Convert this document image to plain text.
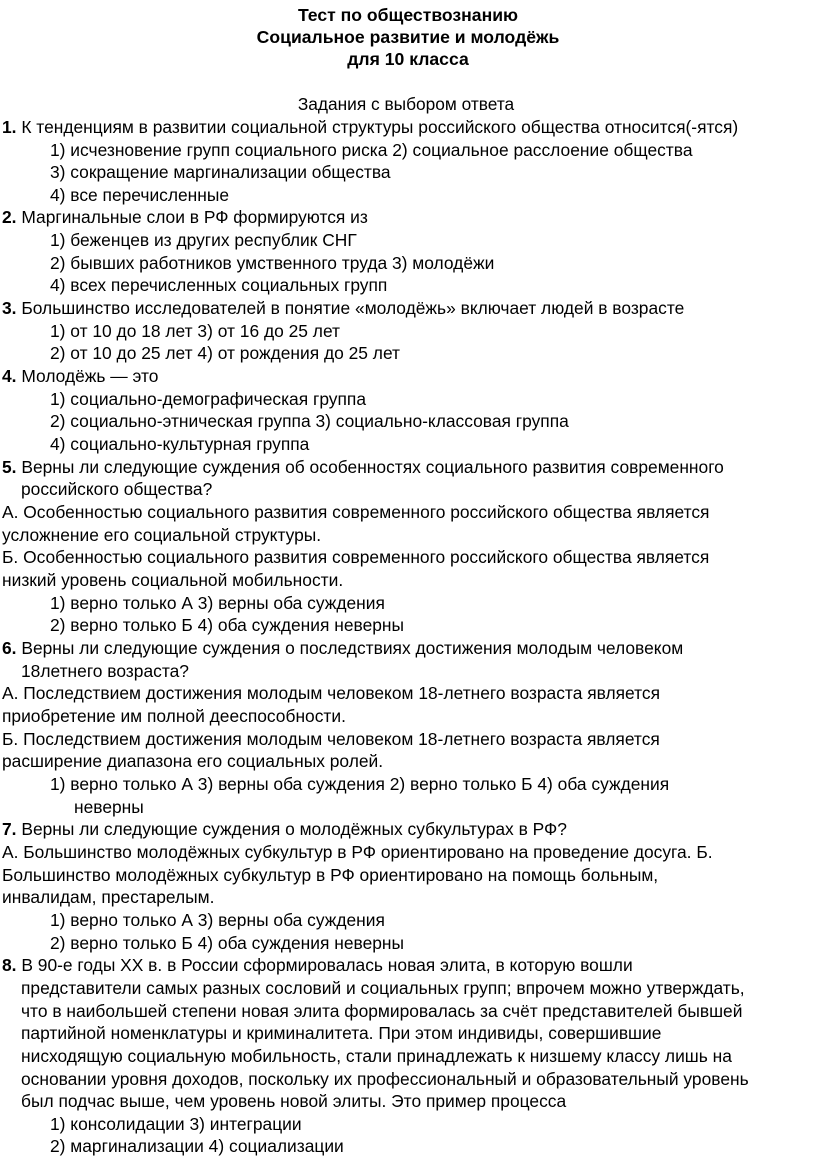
Тест по обществознанию
Социальное развитие и молодёжь
для 10 класса
Задания с выбором ответа
1. К тенденциям в развитии социальной структуры российского общества относится(-ятся)
1) исчезновение групп социального риска 2) социальное расслоение общества
3) сокращение маргинализации общества
4) все перечисленные
2. Маргинальные слои в РФ формируются из
1) беженцев из других республик СНГ
2) бывших работников умственного труда 3) молодёжи
4) всех перечисленных социальных групп
3. Большинство исследователей в понятие «молодёжь» включает людей в возрасте
1) от 10 до 18 лет 3) от 16 до 25 лет
2) от 10 до 25 лет 4) от рождения до 25 лет
4. Молодёжь — это
1) социально-демографическая группа
2) социально-этническая группа 3) социально-классовая группа
4) социально-культурная группа
5. Верны ли следующие суждения об особенностях социального развития современного
российского общества?
А. Особенностью социального развития современного российского общества является
усложнение его социальной структуры.
Б. Особенностью социального развития современного российского общества является
низкий уровень социальной мобильности.
1) верно только А 3) верны оба суждения
2) верно только Б 4) оба суждения неверны
6. Верны ли следующие суждения о последствиях достижения молодым человеком
18летнего возраста?
А. Последствием достижения молодым человеком 18-летнего возраста является
приобретение им полной дееспособности.
Б. Последствием достижения молодым человеком 18-летнего возраста является
расширение диапазона его социальных ролей.
1) верно только А 3) верны оба суждения 2) верно только Б 4) оба суждения
неверны
7. Верны ли следующие суждения о молодёжных субкультурах в РФ?
А. Большинство молодёжных субкультур в РФ ориентировано на проведение досуга. Б.
Большинство молодёжных субкультур в РФ ориентировано на помощь больным,
инвалидам, престарелым.
1) верно только А 3) верны оба суждения
2) верно только Б 4) оба суждения неверны
8. В 90-е годы XX в. в России сформировалась новая элита, в которую вошли
представители самых разных сословий и социальных групп; впрочем можно утверждать,
что в наибольшей степени новая элита формировалась за счёт представителей бывшей
партийной номенклатуры и криминалитета. При этом индивиды, совершившие
нисходящую социальную мобильность, стали принадлежать к низшему классу лишь на
основании уровня доходов, поскольку их профессиональный и образовательный уровень
был подчас выше, чем уровень новой элиты. Это пример процесса
1) консолидации 3) интеграции
2) маргинализации 4) социализации
